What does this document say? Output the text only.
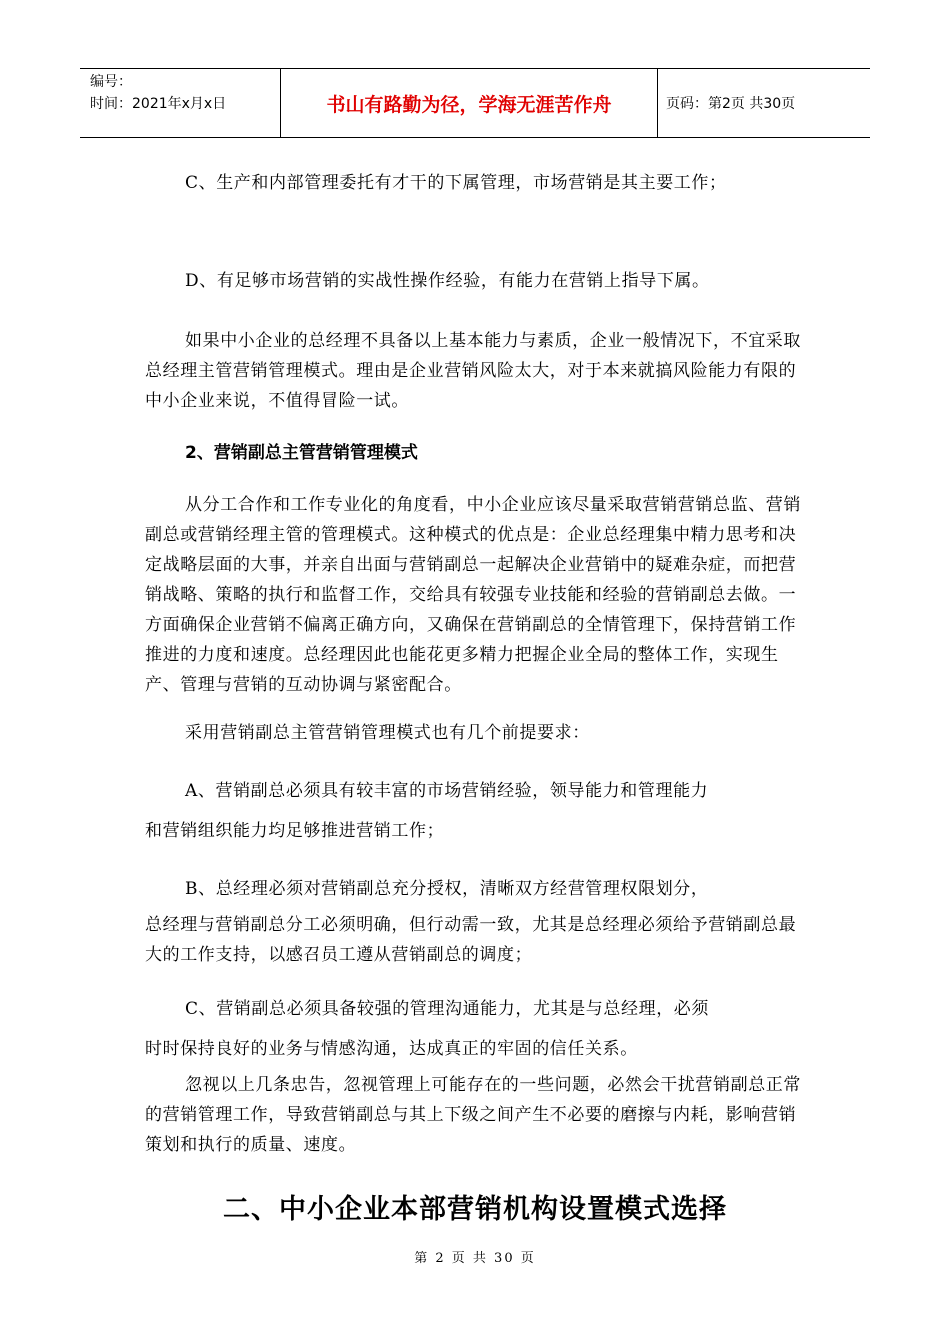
编号：
时间：2021年x月x日	书山有路勤为径，学海无涯苦作舟	页码：第2页 共30页

C、生产和内部管理委托有才干的下属管理，市场营销是其主要工作；

D、有足够市场营销的实战性操作经验，有能力在营销上指导下属。

如果中小企业的总经理不具备以上基本能力与素质，企业一般情况下，不宜采取总经理主管营销管理模式。理由是企业营销风险太大，对于本来就搞风险能力有限的中小企业来说，不值得冒险一试。

2、营销副总主管营销管理模式

从分工合作和工作专业化的角度看，中小企业应该尽量采取营销营销总监、营销副总或营销经理主管的管理模式。这种模式的优点是：企业总经理集中精力思考和决定战略层面的大事，并亲自出面与营销副总一起解决企业营销中的疑难杂症，而把营销战略、策略的执行和监督工作，交给具有较强专业技能和经验的营销副总去做。一方面确保企业营销不偏离正确方向，又确保在营销副总的全情管理下，保持营销工作推进的力度和速度。总经理因此也能花更多精力把握企业全局的整体工作，实现生产、管理与营销的互动协调与紧密配合。

采用营销副总主管营销管理模式也有几个前提要求：

A、营销副总必须具有较丰富的市场营销经验，领导能力和管理能力

和营销组织能力均足够推进营销工作；

B、总经理必须对营销副总充分授权，清晰双方经营管理权限划分，

总经理与营销副总分工必须明确，但行动需一致，尤其是总经理必须给予营销副总最大的工作支持，以感召员工遵从营销副总的调度；

C、营销副总必须具备较强的管理沟通能力，尤其是与总经理，必须

时时保持良好的业务与情感沟通，达成真正的牢固的信任关系。

忽视以上几条忠告，忽视管理上可能存在的一些问题，必然会干扰营销副总正常的营销管理工作，导致营销副总与其上下级之间产生不必要的磨擦与内耗，影响营销策划和执行的质量、速度。

二、中小企业本部营销机构设置模式选择
第 2 页 共 30 页
